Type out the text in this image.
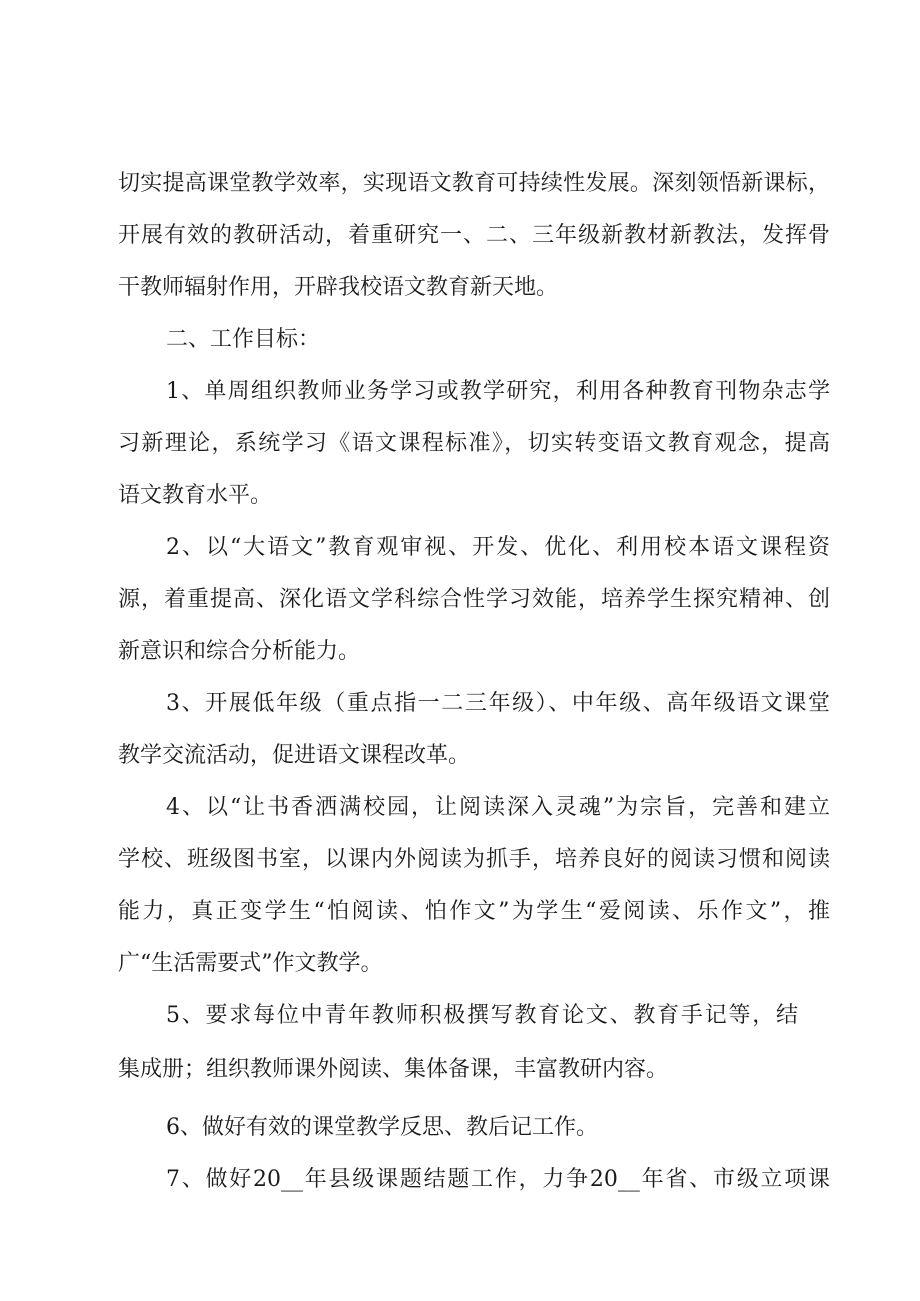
切实提高课堂教学效率，实现语文教育可持续性发展。深刻领悟新课标，
开展有效的教研活动，着重研究一、二、三年级新教材新教法，发挥骨
干教师辐射作用，开辟我校语文教育新天地。
二、工作目标：
1、单周组织教师业务学习或教学研究，利用各种教育刊物杂志学
习新理论，系统学习《语文课程标准》，切实转变语文教育观念，提高
语文教育水平。
2、以“大语文”教育观审视、开发、优化、利用校本语文课程资
源，着重提高、深化语文学科综合性学习效能，培养学生探究精神、创
新意识和综合分析能力。
3、开展低年级（重点指一二三年级）、中年级、高年级语文课堂
教学交流活动，促进语文课程改革。
4、以“让书香洒满校园，让阅读深入灵魂”为宗旨，完善和建立
学校、班级图书室，以课内外阅读为抓手，培养良好的阅读习惯和阅读
能力，真正变学生“怕阅读、怕作文”为学生“爱阅读、乐作文”，推
广“生活需要式”作文教学。
5、要求每位中青年教师积极撰写教育论文、教育手记等，结
集成册；组织教师课外阅读、集体备课，丰富教研内容。
6、做好有效的课堂教学反思、教后记工作。
7、做好20__年县级课题结题工作，力争20__年省、市级立项课
